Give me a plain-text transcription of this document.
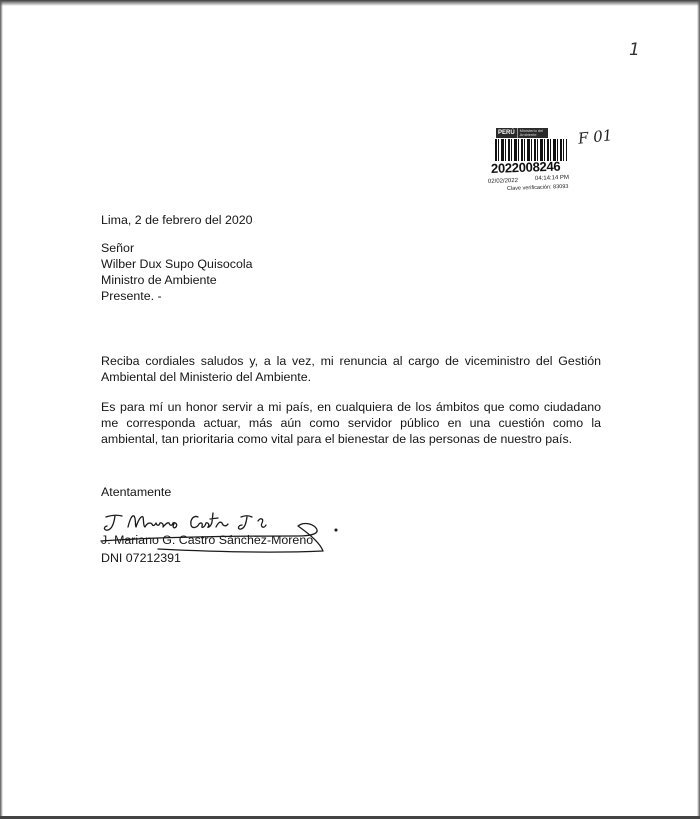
1
PERÚ	Ministerio del Ambiente
2022008246
02/02/2022	04:14:14 PM
Clave verificación: 83093
F 01
Lima, 2 de febrero del 2020
Señor
Wilber Dux Supo Quisocola
Ministro de Ambiente
Presente. -
Reciba cordiales saludos y, a la vez, mi renuncia al cargo de viceministro del Gestión Ambiental del Ministerio del Ambiente.
Es para mí un honor servir a mi país, en cualquiera de los ámbitos que como ciudadano me corresponda actuar, más aún como servidor público en una cuestión como la ambiental, tan prioritaria como vital para el bienestar de las personas de nuestro país.
Atentamente
J. Mariano G. Castro Sánchez-Moreno
DNI 07212391
